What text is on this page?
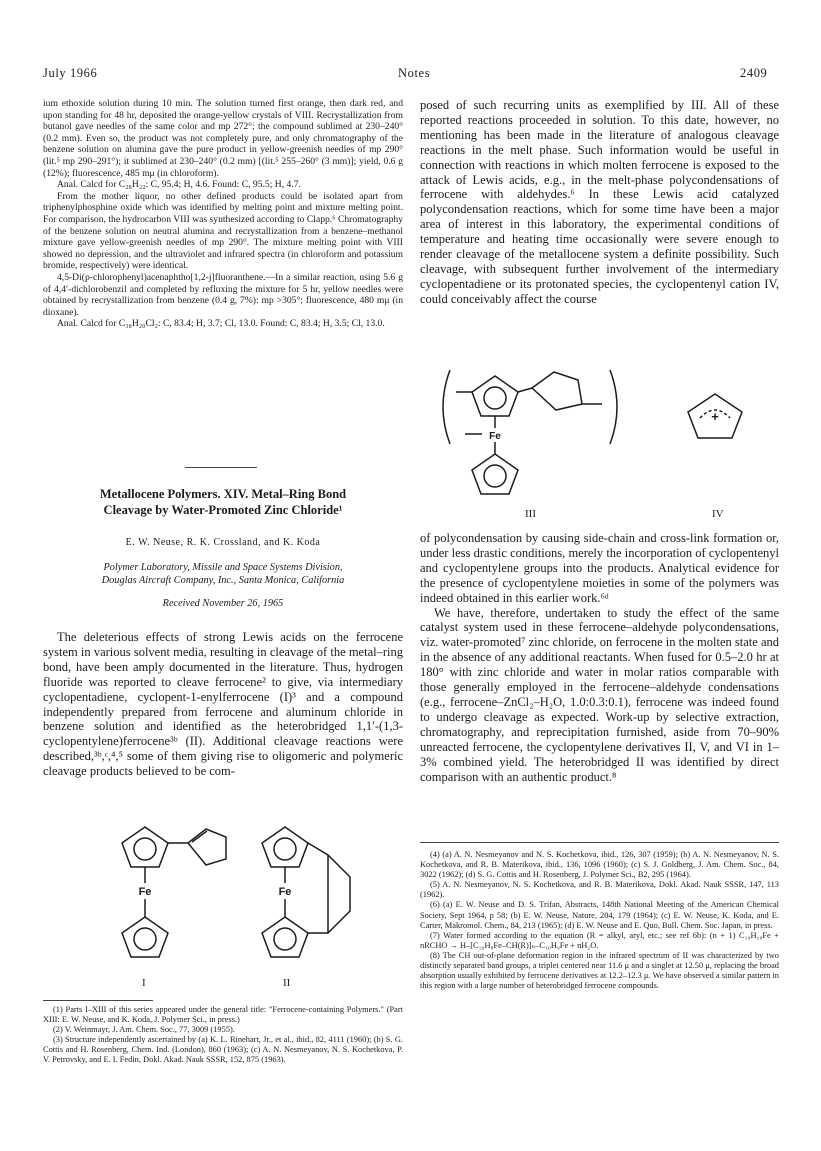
July 1966	Notes	2409

ium ethoxide solution during 10 min. The solution turned first orange, then dark red, and upon standing for 48 hr, deposited the orange-yellow crystals of VIII. Recrystallization from butanol gave needles of the same color and mp 272°; the compound sublimed at 230–240° (0.2 mm). Even so, the product was not completely pure, and only chromatography of the benzene solution on alumina gave the pure product in yellow-greenish needles of mp 290° (lit.⁵ mp 290–291°); it sublimed at 230–240° (0.2 mm) [(lit.⁵ 255–260° (3 mm)]; yield, 0.6 g (12%); fluorescence, 485 mμ (in chloroform).

Anal. Calcd for C₂₈H₂₂: C, 95.4; H, 4.6. Found: C, 95.5; H, 4.7.

From the mother liquor, no other defined products could be isolated apart from triphenylphosphine oxide which was identified by melting point and mixture melting point. For comparison, the hydrocarbon VIII was synthesized according to Clapp.⁶ Chromatography of the benzene solution on neutral alumina and recrystallization from a benzene–methanol mixture gave yellow-greenish needles of mp 290°. The mixture melting point with VIII showed no depression, and the ultraviolet and infrared spectra (in chloroform and potassium bromide, respectively) were identical.

4,5-Di(p-chlorophenyl)acenaphtho[1,2-j]fluoranthene.—In a similar reaction, using 5.6 g of 4,4′-dichlorobenzil and completed by refluxing the mixture for 5 hr, yellow needles were obtained by recrystallization from benzene (0.4 g, 7%): mp >305°; fluorescence, 480 mμ (in dioxane).

Anal. Calcd for C₃₈H₂₀Cl₂: C, 83.4; H, 3.7; Cl, 13.0. Found: C, 83.4; H, 3.5; Cl, 13.0.

Metallocene Polymers. XIV. Metal–Ring Bond
Cleavage by Water-Promoted Zinc Chloride¹
E. W. Neuse, R. K. Crossland, and K. Koda
Polymer Laboratory, Missile and Space Systems Division,
Douglas Aircraft Company, Inc., Santa Monica, California
Received November 26, 1965

The deleterious effects of strong Lewis acids on the ferrocene system in various solvent media, resulting in cleavage of the metal–ring bond, have been amply documented in the literature. Thus, hydrogen fluoride was reported to cleave ferrocene² to give, via intermediary cyclopentadiene, cyclopent-1-enylferrocene (I)³ and a compound independently prepared from ferrocene and aluminum chloride in benzene solution and identified as the heterobridged 1,1′-(1,3-cyclopentylene)ferrocene³ᵇ (II). Additional cleavage reactions were described,³ᵇ,ᶜ,⁴,⁵ some of them giving rise to oligomeric and polymeric cleavage products believed to be com-

Fe	Fe
I	II

(1) Parts I–XIII of this series appeared under the general title: "Ferrocene-containing Polymers." (Part XIII: E. W. Neuse, and K. Koda, J. Polymer Sci., in press.)

(2) V. Weinmayr, J. Am. Chem. Soc., 77, 3009 (1955).

(3) Structure independently ascertained by (a) K. L. Rinehart, Jr., et al., ibid., 82, 4111 (1960); (b) S. G. Cottis and H. Rosenberg, Chem. Ind. (London), 860 (1963); (c) A. N. Nesmeyanov, N. S. Kochetkova, P. V. Petrovsky, and E. I. Fedin, Dokl. Akad. Nauk SSSR, 152, 875 (1963).

posed of such recurring units as exemplified by III. All of these reported reactions proceeded in solution. To this date, however, no mentioning has been made in the literature of analogous cleavage reactions in the melt phase. Such information would be useful in connection with reactions in which molten ferrocene is exposed to the attack of Lewis acids, e.g., in the melt-phase polycondensations of ferrocene with aldehydes.⁶ In these Lewis acid catalyzed polycondensation reactions, which for some time have been a major area of interest in this laboratory, the experimental conditions of temperature and heating time occasionally were severe enough to render cleavage of the metallocene system a definite possibility. Such cleavage, with subsequent further involvement of the intermediary cyclopentadiene or its protonated species, the cyclopentenyl cation IV, could conceivably affect the course

Fe
+
III	IV

of polycondensation by causing side-chain and cross-link formation or, under less drastic conditions, merely the incorporation of cyclopentenyl and cyclopentylene groups into the products. Analytical evidence for the presence of cyclopentylene moieties in some of the polymers was indeed obtained in this earlier work.⁶ᵈ

We have, therefore, undertaken to study the effect of the same catalyst system used in these ferrocene–aldehyde polycondensations, viz. water-promoted⁷ zinc chloride, on ferrocene in the molten state and in the absence of any additional reactants. When fused for 0.5–2.0 hr at 180° with zinc chloride and water in molar ratios comparable with those generally employed in the ferrocene–aldehyde condensations (e.g., ferrocene–ZnCl₂–H₂O, 1.0:0.3:0.1), ferrocene was indeed found to undergo cleavage as expected. Work-up by selective extraction, chromatography, and reprecipitation furnished, aside from 70–90% unreacted ferrocene, the cyclopentylene derivatives II, V, and VI in 1–3% combined yield. The heterobridged II was identified by direct comparison with an authentic product.⁸

(4) (a) A. N. Nesmeyanov and N. S. Kochetkova, ibid., 126, 307 (1959); (b) A. N. Nesmeyanov, N. S. Kochetkova, and R. B. Materikova, ibid., 136, 1096 (1960); (c) S. J. Goldberg, J. Am. Chem. Soc., 84, 3022 (1962); (d) S. G. Cottis and H. Rosenberg, J. Polymer Sci., B2, 295 (1964).

(5) A. N. Nesmeyanov, N. S. Kochetkova, and R. B. Materikova, Dokl. Akad. Nauk SSSR, 147, 113 (1962).

(6) (a) E. W. Neuse and D. S. Trifan, Abstracts, 148th National Meeting of the American Chemical Society, Sept 1964, p 58; (b) E. W. Neuse, Nature, 204, 179 (1964); (c) E. W. Neuse, K. Koda, and E. Carter, Makromol. Chem., 84, 213 (1965); (d) E. W. Neuse and E. Quo, Bull. Chem. Soc. Japan, in press.

(7) Water formed according to the equation (R = alkyl, aryl, etc.; see ref 6b): (n + 1) C₁₀H₁₀Fe + nRCHO → H–[C₁₀H₈Fe–CH(R)]ₙ–C₁₀H₉Fe + nH₂O.

(8) The CH out-of-plane deformation region in the infrared spectrum of II was characterized by two distinctly separated band groups, a triplet centered near 11.6 μ and a singlet at 12.50 μ, replacing the broad absorption usually exhibited by ferrocene derivatives at 12.2–12.3 μ. We have observed a similar pattern in this region with a large number of heterobridged ferrocene compounds.
